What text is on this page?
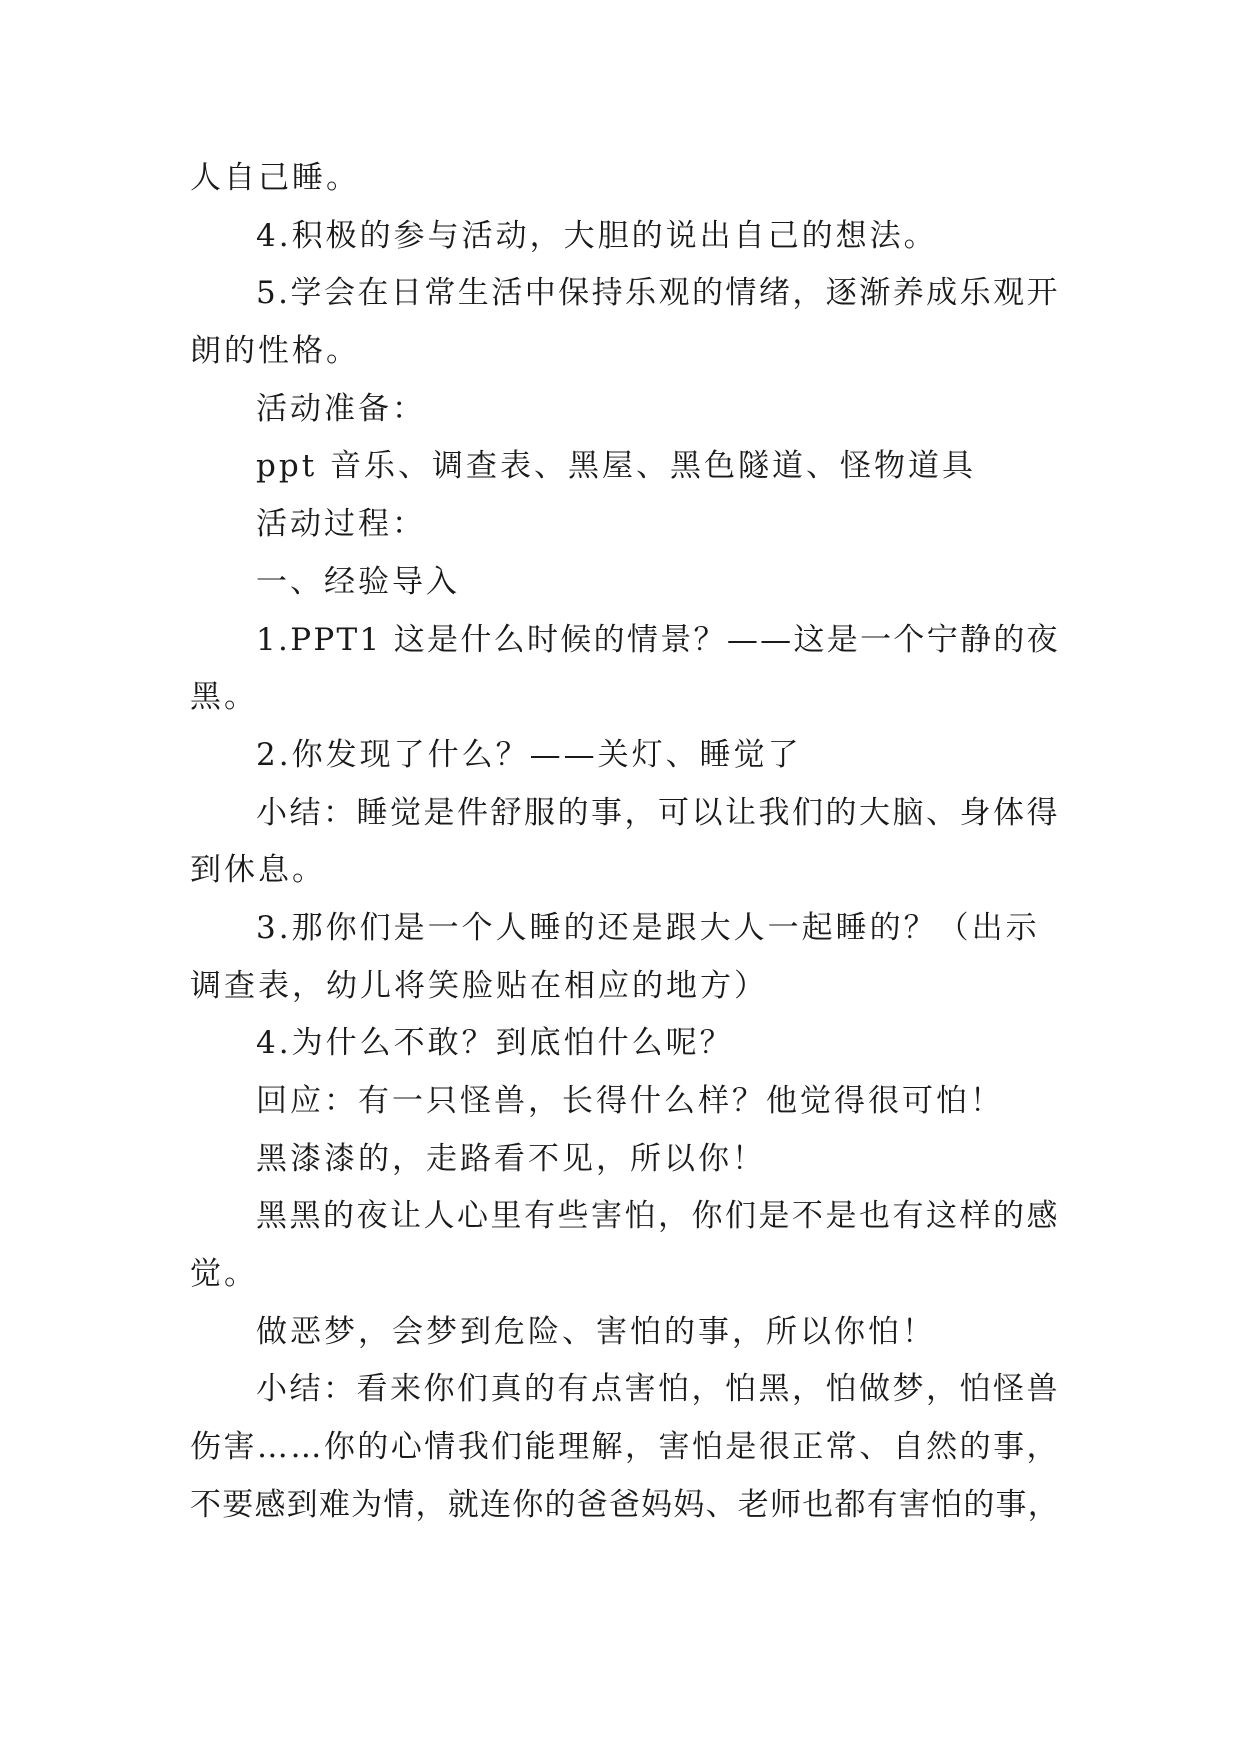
人自己睡。
4.积极的参与活动，大胆的说出自己的想法。
5.学会在日常生活中保持乐观的情绪，逐渐养成乐观开
朗的性格。
活动准备：
ppt 音乐、调查表、黑屋、黑色隧道、怪物道具
活动过程：
一、经验导入
1.PPT1 这是什么时候的情景？——这是一个宁静的夜
黑。
2.你发现了什么？——关灯、睡觉了
小结：睡觉是件舒服的事，可以让我们的大脑、身体得
到休息。
3.那你们是一个人睡的还是跟大人一起睡的？（出示
调查表，幼儿将笑脸贴在相应的地方）
4.为什么不敢？到底怕什么呢？
回应：有一只怪兽，长得什么样？他觉得很可怕！
黑漆漆的，走路看不见，所以你！
黑黑的夜让人心里有些害怕，你们是不是也有这样的感
觉。
做恶梦，会梦到危险、害怕的事，所以你怕！
小结：看来你们真的有点害怕，怕黑，怕做梦，怕怪兽
伤害……你的心情我们能理解，害怕是很正常、自然的事，
不要感到难为情，就连你的爸爸妈妈、老师也都有害怕的事，
